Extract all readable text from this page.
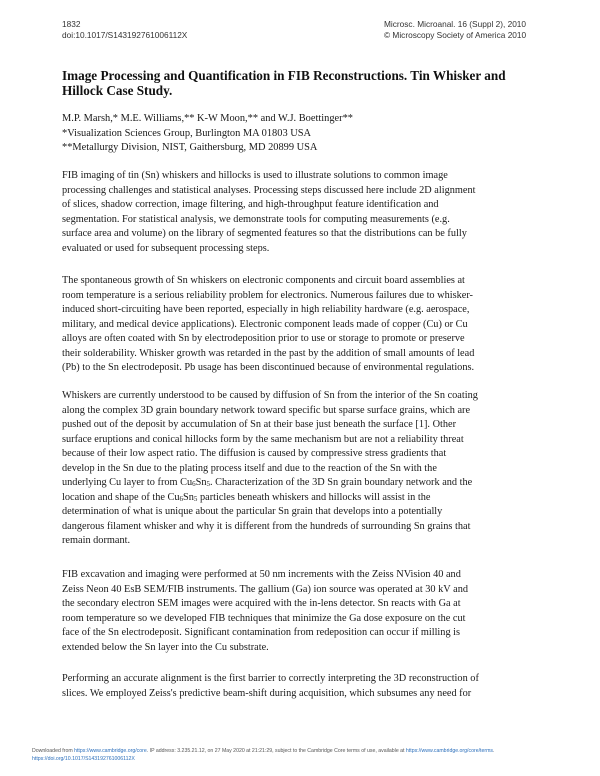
1832
doi:10.1017/S143192761006112X
Microsc. Microanal. 16 (Suppl 2), 2010
© Microscopy Society of America 2010
Image Processing and Quantification in FIB Reconstructions. Tin Whisker and Hillock Case Study.
M.P. Marsh,* M.E. Williams,** K-W Moon,** and W.J. Boettinger**
*Visualization Sciences Group, Burlington MA 01803 USA
**Metallurgy Division, NIST, Gaithersburg, MD 20899 USA

FIB imaging of tin (Sn) whiskers and hillocks is used to illustrate solutions to common image
processing challenges and statistical analyses. Processing steps discussed here include 2D alignment
of slices, shadow correction, image filtering, and high-throughput feature identification and
segmentation. For statistical analysis, we demonstrate tools for computing measurements (e.g.
surface area and volume) on the library of segmented features so that the distributions can be fully
evaluated or used for subsequent processing steps.

The spontaneous growth of Sn whiskers on electronic components and circuit board assemblies at
room temperature is a serious reliability problem for electronics. Numerous failures due to whisker-
induced short-circuiting have been reported, especially in high reliability hardware (e.g. aerospace,
military, and medical device applications). Electronic component leads made of copper (Cu) or Cu
alloys are often coated with Sn by electrodeposition prior to use or storage to promote or preserve
their solderability. Whisker growth was retarded in the past by the addition of small amounts of lead
(Pb) to the Sn electrodeposit. Pb usage has been discontinued because of environmental regulations.

Whiskers are currently understood to be caused by diffusion of Sn from the interior of the Sn coating
along the complex 3D grain boundary network toward specific but sparse surface grains, which are
pushed out of the deposit by accumulation of Sn at their base just beneath the surface [1]. Other
surface eruptions and conical hillocks form by the same mechanism but are not a reliability threat
because of their low aspect ratio. The diffusion is caused by compressive stress gradients that
develop in the Sn due to the plating process itself and due to the reaction of the Sn with the
underlying Cu layer to from $Cu_6Sn_5$. Characterization of the 3D Sn grain boundary network and the
location and shape of the $Cu_6Sn_5$ particles beneath whiskers and hillocks will assist in the
determination of what is unique about the particular Sn grain that develops into a potentially
dangerous filament whisker and why it is different from the hundreds of surrounding Sn grains that
remain dormant.

FIB excavation and imaging were performed at 50 nm increments with the Zeiss NVision 40 and
Zeiss Neon 40 EsB SEM/FIB instruments. The gallium (Ga) ion source was operated at 30 kV and
the secondary electron SEM images were acquired with the in-lens detector. Sn reacts with Ga at
room temperature so we developed FIB techniques that minimize the Ga dose exposure on the cut
face of the Sn electrodeposit. Significant contamination from redeposition can occur if milling is
extended below the Sn layer into the Cu substrate.

Performing an accurate alignment is the first barrier to correctly interpreting the 3D reconstruction of
slices. We employed Zeiss's predictive beam-shift during acquisition, which subsumes any need for

Downloaded from https://www.cambridge.org/core. IP address: 3.235.21.12, on 27 May 2020 at 21:21:29, subject to the Cambridge Core terms of use, available at https://www.cambridge.org/core/terms.
https://doi.org/10.1017/S143192761006112X
